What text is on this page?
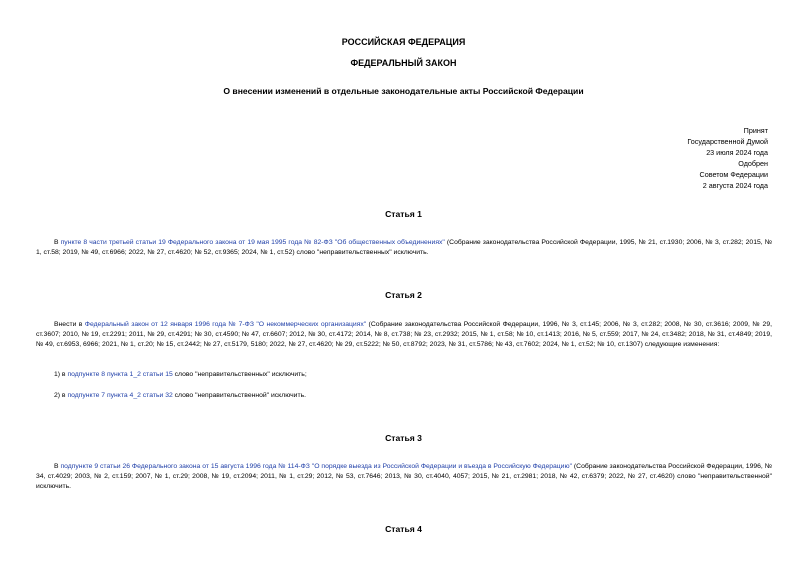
РОССИЙСКАЯ ФЕДЕРАЦИЯ
ФЕДЕРАЛЬНЫЙ ЗАКОН
О внесении изменений в отдельные законодательные акты Российской Федерации
Принят
Государственной Думой
23 июля 2024 года
Одобрен
Советом Федерации
2 августа 2024 года
Статья 1
В пункте 8 части третьей статьи 19 Федерального закона от 19 мая 1995 года № 82-ФЗ "Об общественных объединениях" (Собрание законодательства Российской Федерации, 1995, № 21, ст.1930; 2006, № 3, ст.282; 2015, № 1, ст.58; 2019, № 49, ст.6966; 2022, № 27, ст.4620; № 52, ст.9365; 2024, № 1, ст.52) слово "неправительственных" исключить.
Статья 2
Внести в Федеральный закон от 12 января 1996 года № 7-ФЗ "О некоммерческих организациях" (Собрание законодательства Российской Федерации, 1996, № 3, ст.145; 2006, № 3, ст.282; 2008, № 30, ст.3616; 2009, № 29, ст.3607; 2010, № 19, ст.2291; 2011, № 29, ст.4291; № 30, ст.4590; № 47, ст.6607; 2012, № 30, ст.4172; 2014, № 8, ст.738; № 23, ст.2932; 2015, № 1, ст.58; № 10, ст.1413; 2016, № 5, ст.559; 2017, № 24, ст.3482; 2018, № 31, ст.4849; 2019, № 49, ст.6953, 6966; 2021, № 1, ст.20; № 15, ст.2442; № 27, ст.5179, 5180; 2022, № 27, ст.4620; № 29, ст.5222; № 50, ст.8792; 2023, № 31, ст.5786; № 43, ст.7602; 2024, № 1, ст.52; № 10, ст.1307) следующие изменения:
1) в подпункте 8 пункта 1_2 статьи 15 слово "неправительственных" исключить;
2) в подпункте 7 пункта 4_2 статьи 32 слово "неправительственной" исключить.
Статья 3
В подпункте 9 статьи 26 Федерального закона от 15 августа 1996 года № 114-ФЗ "О порядке выезда из Российской Федерации и въезда в Российскую Федерацию" (Собрание законодательства Российской Федерации, 1996, № 34, ст.4029; 2003, № 2, ст.159; 2007, № 1, ст.29; 2008, № 19, ст.2094; 2011, № 1, ст.29; 2012, № 53, ст.7646; 2013, № 30, ст.4040, 4057; 2015, № 21, ст.2981; 2018, № 42, ст.6379; 2022, № 27, ст.4620) слово "неправительственной" исключить.
Статья 4
